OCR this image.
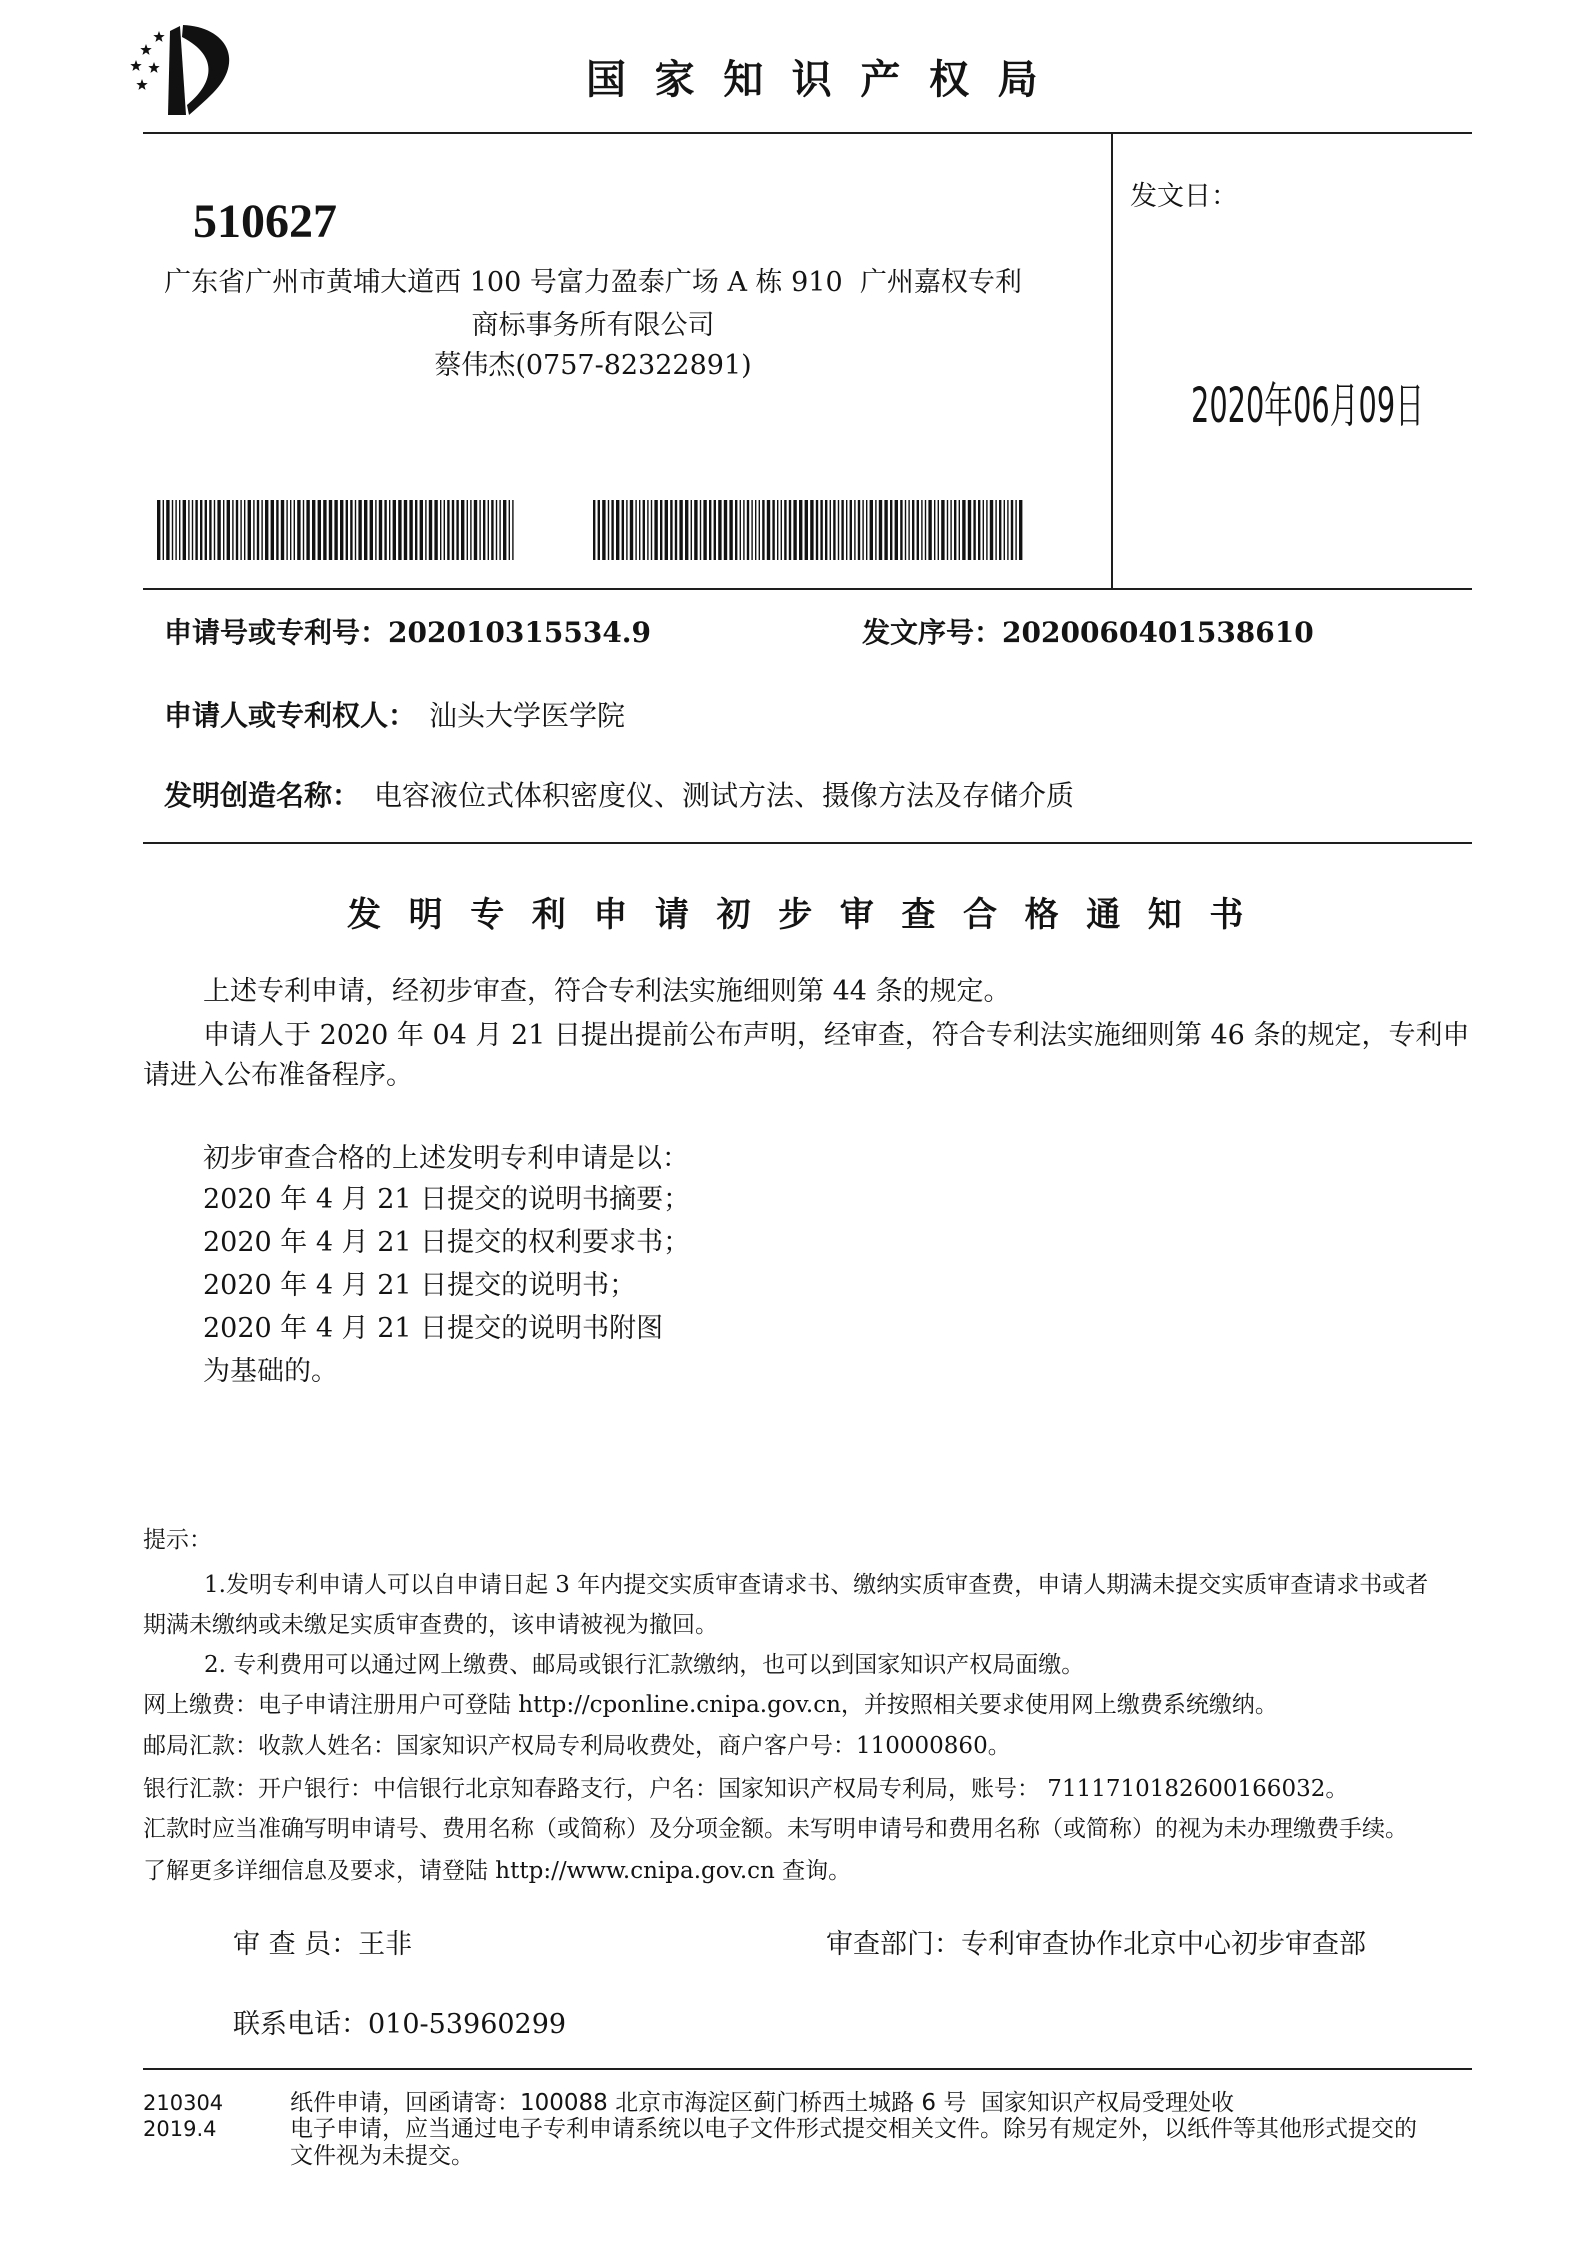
国家知识产权局
510627
广东省广州市黄埔大道西 100 号富力盈泰广场 A 栋 910  广州嘉权专利
商标事务所有限公司
蔡伟杰(0757-82322891)
发文日：

2020年06月09日

申请号或专利号：202010315534.9	发文序号：2020060401538610
申请人或专利权人： 汕头大学医学院
发明创造名称： 电容液位式体积密度仪、测试方法、摄像方法及存储介质
发明专利申请初步审查合格通知书
上述专利申请，经初步审查，符合专利法实施细则第 44 条的规定。
申请人于 2020 年 04 月 21 日提出提前公布声明，经审查，符合专利法实施细则第 46 条的规定，专利申
请进入公布准备程序。
初步审查合格的上述发明专利申请是以：
2020 年 4 月 21 日提交的说明书摘要；
2020 年 4 月 21 日提交的权利要求书；
2020 年 4 月 21 日提交的说明书；
2020 年 4 月 21 日提交的说明书附图
为基础的。
提示：
1.发明专利申请人可以自申请日起 3 年内提交实质审查请求书、缴纳实质审查费，申请人期满未提交实质审查请求书或者
期满未缴纳或未缴足实质审查费的，该申请被视为撤回。
2. 专利费用可以通过网上缴费、邮局或银行汇款缴纳，也可以到国家知识产权局面缴。
网上缴费：电子申请注册用户可登陆 http://cponline.cnipa.gov.cn，并按照相关要求使用网上缴费系统缴纳。
邮局汇款：收款人姓名：国家知识产权局专利局收费处，商户客户号：110000860。
银行汇款：开户银行：中信银行北京知春路支行，户名：国家知识产权局专利局，账号： 7111710182600166032。
汇款时应当准确写明申请号、费用名称（或简称）及分项金额。未写明申请号和费用名称（或简称）的视为未办理缴费手续。
了解更多详细信息及要求，请登陆 http://www.cnipa.gov.cn 查询。
审 查 员：王非	审查部门：专利审查协作北京中心初步审查部
联系电话：010-53960299
210304
2019.4
纸件申请，回函请寄：100088 北京市海淀区蓟门桥西土城路 6 号  国家知识产权局受理处收
电子申请，应当通过电子专利申请系统以电子文件形式提交相关文件。除另有规定外，以纸件等其他形式提交的
文件视为未提交。
